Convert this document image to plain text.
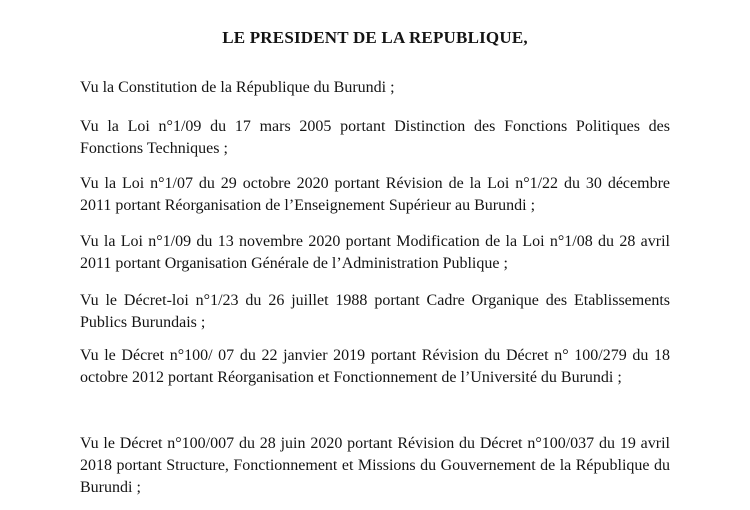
LE PRESIDENT DE LA REPUBLIQUE,
Vu la Constitution de la République du Burundi ;
Vu la Loi n°1/09 du 17 mars 2005 portant Distinction des Fonctions Politiques des Fonctions Techniques ;
Vu la Loi n°1/07 du 29 octobre 2020 portant Révision de la Loi n°1/22 du 30 décembre 2011 portant Réorganisation de l’Enseignement Supérieur au Burundi ;
Vu la Loi n°1/09 du 13 novembre 2020 portant Modification de la Loi n°1/08 du 28 avril 2011 portant Organisation Générale de l’Administration Publique ;
Vu le Décret-loi n°1/23 du 26 juillet 1988 portant Cadre Organique des Etablissements Publics Burundais ;
Vu le Décret n°100/ 07 du 22 janvier 2019 portant Révision du Décret n° 100/279 du 18 octobre 2012 portant Réorganisation et Fonctionnement de l’Université du Burundi ;
Vu le Décret n°100/007 du 28 juin 2020 portant Révision du Décret n°100/037 du 19 avril 2018 portant Structure, Fonctionnement et Missions du Gouvernement de la République du Burundi ;
